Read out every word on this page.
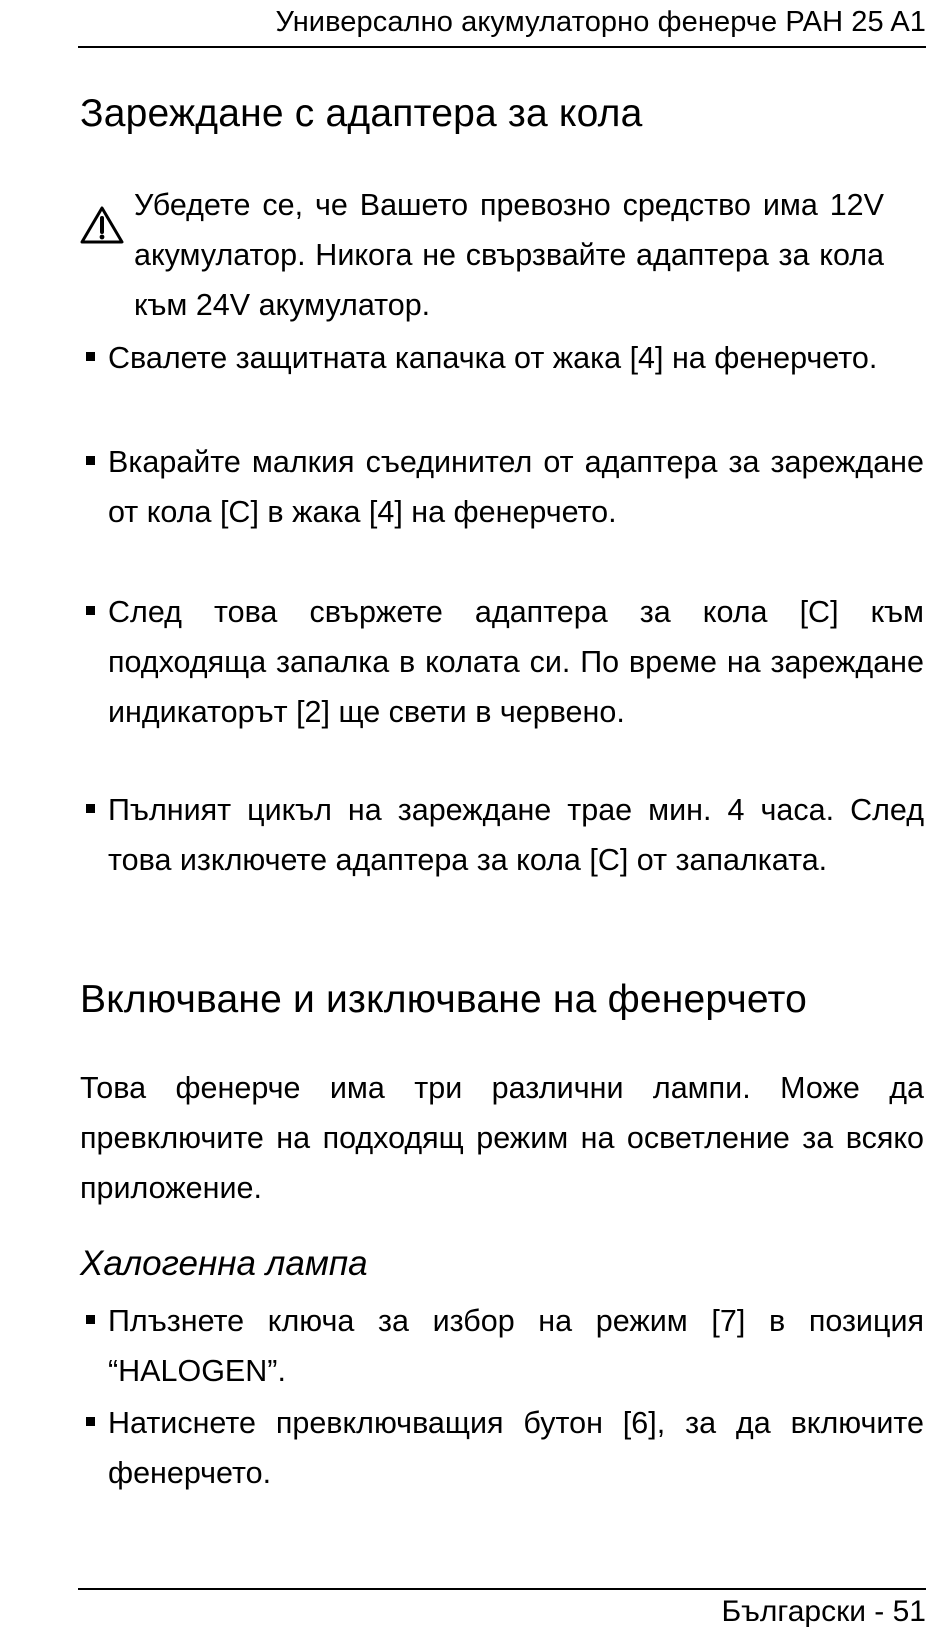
Универсално акумулаторно фенерче PAH 25 A1
Зареждане с адаптера за кола

Убедете се, че Вашето превозно средство има 12V акумулатор. Никога не свързвайте адаптера за кола към 24V акумулатор.

Свалете защитната капачка от жака [4] на фенерчето.

Вкарайте малкия съединител от адаптера за зареждане от кола [C] в жака [4] на фенерчето.

След това свържете адаптера за кола [C] към подходяща запалка в колата си. По време на зареждане индикаторът [2] ще свети в червено.

Пълният цикъл на зареждане трае мин. 4 часа. След това изключете адаптера за кола [C] от запалката.

Включване и изключване на фенерчето

Това фенерче има три различни лампи. Може да превключите на подходящ режим на осветление за всяко приложение.

Халогенна лампа

Плъзнете ключа за избор на режим [7] в позиция “HALOGEN”.

Натиснете превключващия бутон [6], за да включите фенерчето.

Български - 51
